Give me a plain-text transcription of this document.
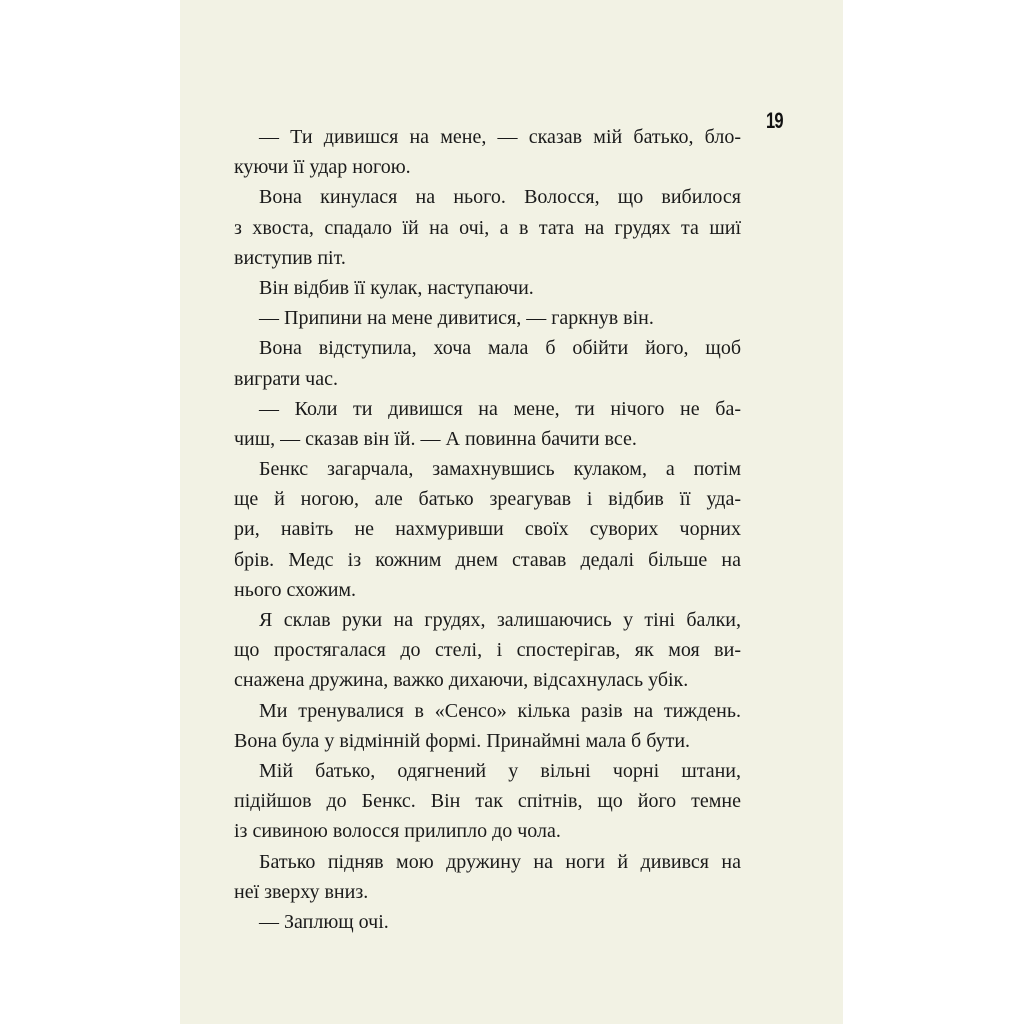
19
— Ти дивишся на мене, — сказав мій батько, бло-
куючи її удар ногою.
Вона кинулася на нього. Волосся, що вибилося
з хвоста, спадало їй на очі, а в тата на грудях та шиї
виступив піт.
Він відбив її кулак, наступаючи.
— Припини на мене дивитися, — гаркнув він.
Вона відступила, хоча мала б обійти його, щоб
виграти час.
— Коли ти дивишся на мене, ти нічого не ба-
чиш, — сказав він їй. — А повинна бачити все.
Бенкс загарчала, замахнувшись кулаком, а потім
ще й ногою, але батько зреагував і відбив її уда-
ри, навіть не нахмуривши своїх суворих чорних
брів. Медс із кожним днем ставав дедалі більше на
нього схожим.
Я склав руки на грудях, залишаючись у тіні балки,
що простягалася до стелі, і спостерігав, як моя ви-
снажена дружина, важко дихаючи, відсахнулась убік.
Ми тренувалися в «Сенсо» кілька разів на тиждень.
Вона була у відмінній формі. Принаймні мала б бути.
Мій батько, одягнений у вільні чорні штани,
підійшов до Бенкс. Він так спітнів, що його темне
із сивиною волосся прилипло до чола.
Батько підняв мою дружину на ноги й дивився на
неї зверху вниз.
— Заплющ очі.
